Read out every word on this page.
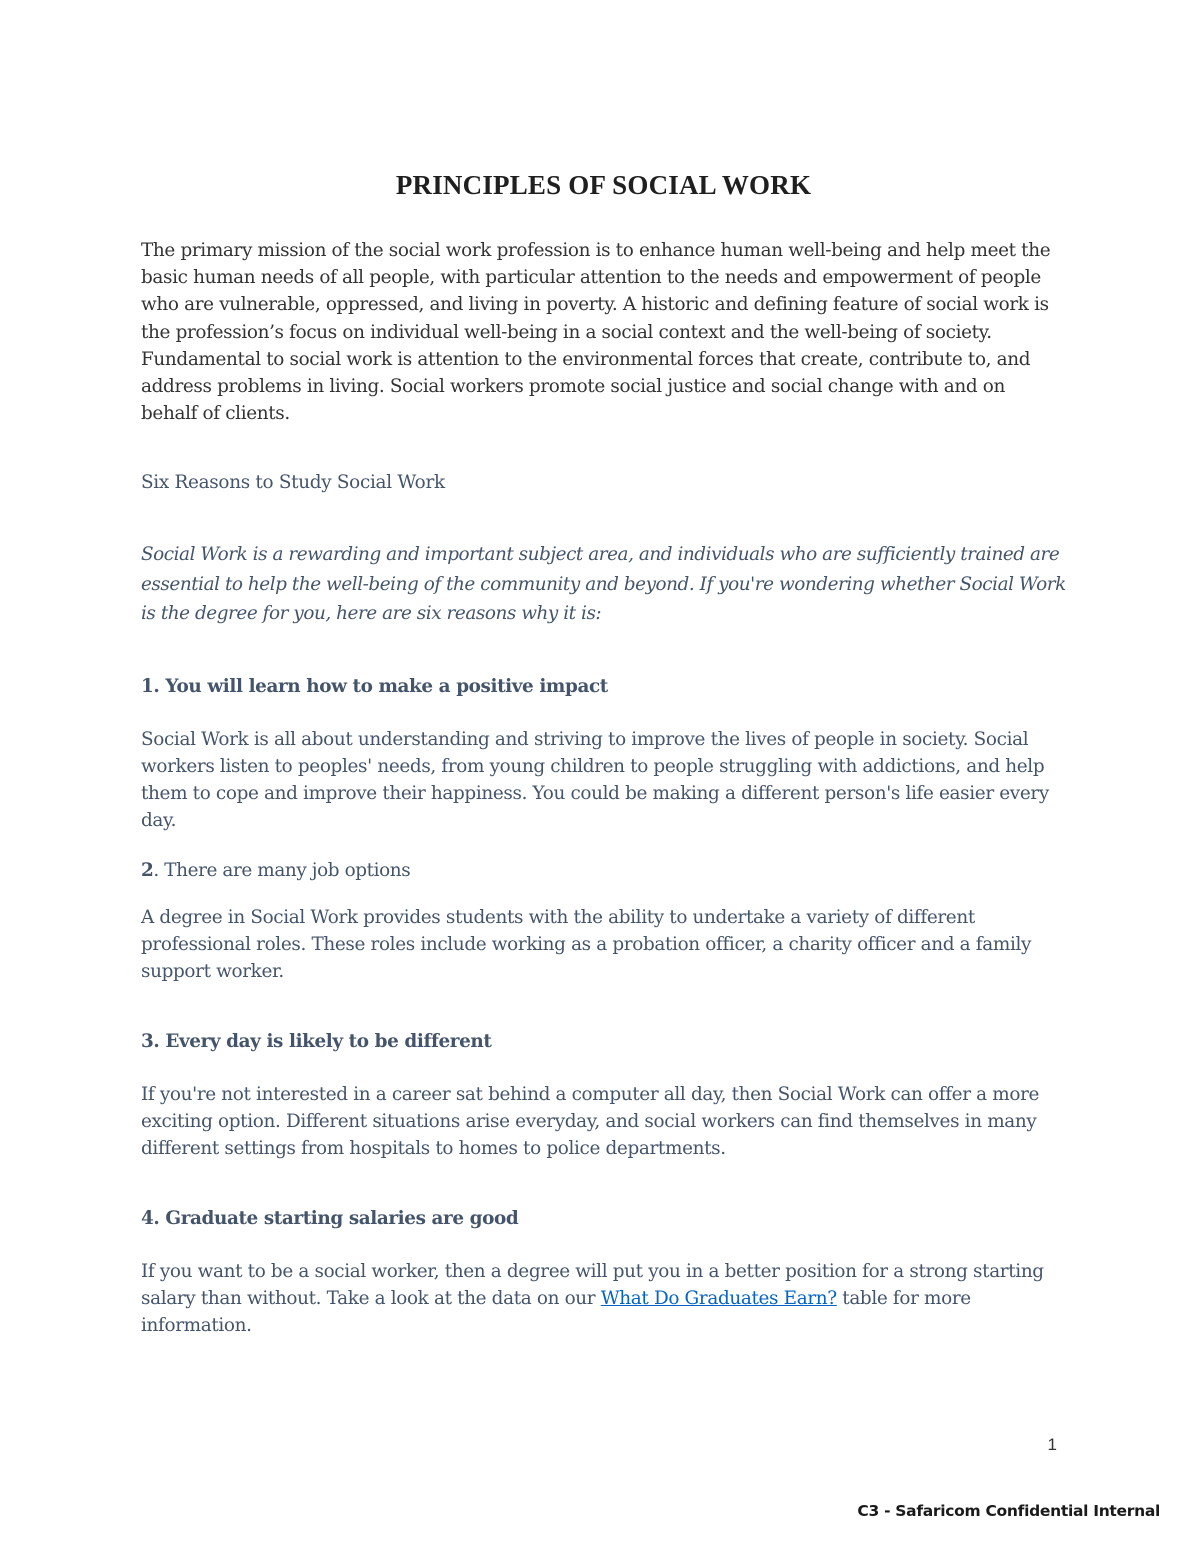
PRINCIPLES OF SOCIAL WORK

The primary mission of the social work profession is to enhance human well-being and help meet the basic human needs of all people, with particular attention to the needs and empowerment of people who are vulnerable, oppressed, and living in poverty. A historic and defining feature of social work is the profession’s focus on individual well-being in a social context and the well-being of society. Fundamental to social work is attention to the environmental forces that create, contribute to, and address problems in living. Social workers promote social justice and social change with and on behalf of clients.

Six Reasons to Study Social Work

Social Work is a rewarding and important subject area, and individuals who are sufficiently trained are essential to help the well-being of the community and beyond. If you're wondering whether Social Work is the degree for you, here are six reasons why it is:

1. You will learn how to make a positive impact

Social Work is all about understanding and striving to improve the lives of people in society. Social workers listen to peoples' needs, from young children to people struggling with addictions, and help them to cope and improve their happiness. You could be making a different person's life easier every day.

2. There are many job options

A degree in Social Work provides students with the ability to undertake a variety of different professional roles. These roles include working as a probation officer, a charity officer and a family support worker.

3. Every day is likely to be different

If you're not interested in a career sat behind a computer all day, then Social Work can offer a more exciting option. Different situations arise everyday, and social workers can find themselves in many different settings from hospitals to homes to police departments.

4. Graduate starting salaries are good

If you want to be a social worker, then a degree will put you in a better position for a strong starting salary than without. Take a look at the data on our What Do Graduates Earn? table for more information.

1
C3 - Safaricom Confidential Internal
